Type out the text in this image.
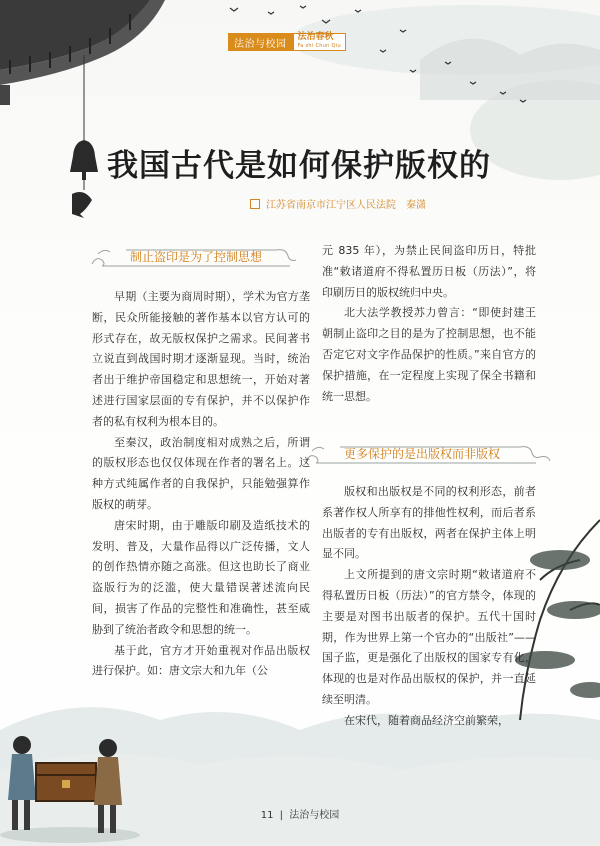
法治与校园
法治春秋
Fa zhi Chun Qiu
我国古代是如何保护版权的
江苏省南京市江宁区人民法院　秦潇
制止盗印是为了控制思想
更多保护的是出版权而非版权

早期（主要为商周时期），学术为官方垄断，民众所能接触的著作基本以官方认可的形式存在，故无版权保护之需求。民间著书立说直到战国时期才逐渐显现。当时，统治者出于维护帝国稳定和思想统一，开始对著述进行国家层面的专有保护，并不以保护作者的私有权利为根本目的。

至秦汉，政治制度相对成熟之后，所谓的版权形态也仅仅体现在作者的署名上。这种方式纯属作者的自我保护，只能勉强算作版权的萌芽。

唐宋时期，由于雕版印刷及造纸技术的发明、普及，大量作品得以广泛传播，文人的创作热情亦随之高涨。但这也助长了商业盗版行为的泛滥，使大量错误著述流向民间，损害了作品的完整性和准确性，甚至威胁到了统治者政令和思想的统一。

基于此，官方才开始重视对作品出版权进行保护。如：唐文宗大和九年（公

元 835 年），为禁止民间盗印历日，特批准“敕诸道府不得私置历日板（历法）”，将印刷历日的版权统归中央。

北大法学教授苏力曾言：“即使封建王朝制止盗印之目的是为了控制思想，也不能否定它对文字作品保护的性质。”来自官方的保护措施，在一定程度上实现了保全书籍和统一思想。

版权和出版权是不同的权利形态，前者系著作权人所享有的排他性权利，而后者系出版者的专有出版权，两者在保护主体上明显不同。

上文所提到的唐文宗时期“敕诸道府不得私置历日板（历法）”的官方禁令，体现的主要是对图书出版者的保护。五代十国时期，作为世界上第一个官办的“出版社”——国子监，更是强化了出版权的国家专有化，体现的也是对作品出版权的保护，并一直延续至明清。

在宋代，随着商品经济空前繁荣，

11 | 法治与校园
